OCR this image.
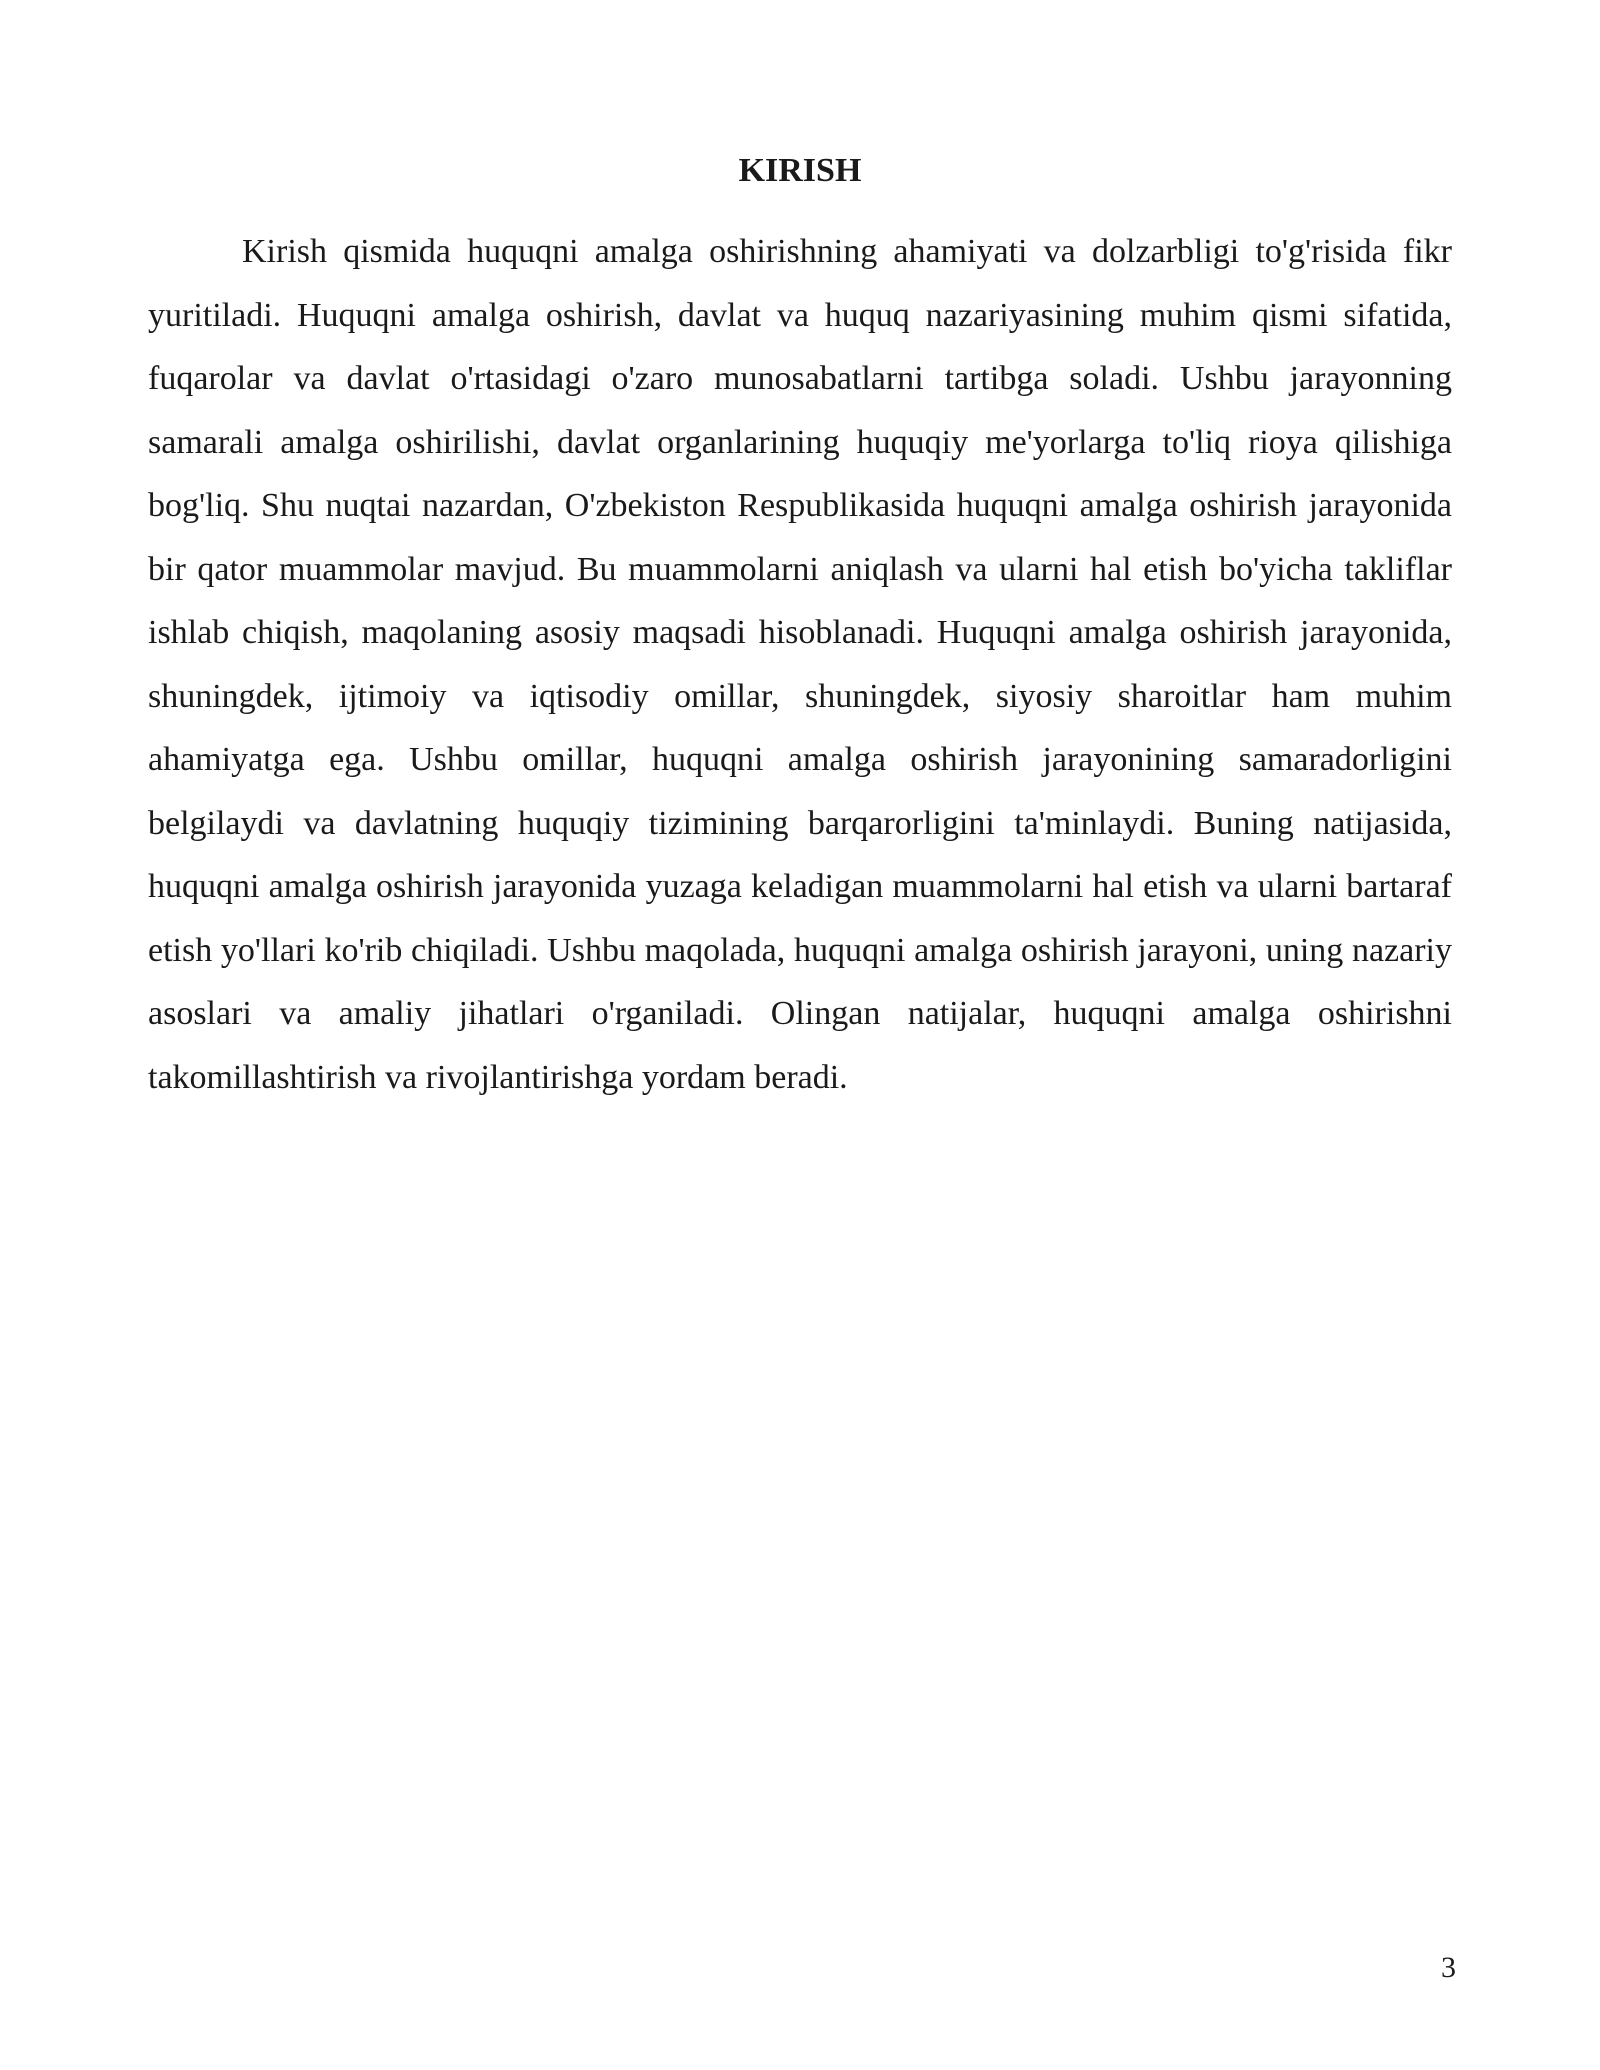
KIRISH

Kirish qismida huquqni amalga oshirishning ahamiyati va dolzarbligi to'g'risida fikr yuritiladi. Huquqni amalga oshirish, davlat va huquq nazariyasining muhim qismi sifatida, fuqarolar va davlat o'rtasidagi o'zaro munosabatlarni tartibga soladi. Ushbu jarayonning samarali amalga oshirilishi, davlat organlarining huquqiy me'yorlarga to'liq rioya qilishiga bog'liq. Shu nuqtai nazardan, O'zbekiston Respublikasida huquqni amalga oshirish jarayonida bir qator muammolar mavjud. Bu muammolarni aniqlash va ularni hal etish bo'yicha takliflar ishlab chiqish, maqolaning asosiy maqsadi hisoblanadi. Huquqni amalga oshirish jarayonida, shuningdek, ijtimoiy va iqtisodiy omillar, shuningdek, siyosiy sharoitlar ham muhim ahamiyatga ega. Ushbu omillar, huquqni amalga oshirish jarayonining samaradorligini belgilaydi va davlatning huquqiy tizimining barqarorligini ta'minlaydi. Buning natijasida, huquqni amalga oshirish jarayonida yuzaga keladigan muammolarni hal etish va ularni bartaraf etish yo'llari ko'rib chiqiladi. Ushbu maqolada, huquqni amalga oshirish jarayoni, uning nazariy asoslari va amaliy jihatlari o'rganiladi. Olingan natijalar, huquqni amalga oshirishni takomillashtirish va rivojlantirishga yordam beradi.

3
